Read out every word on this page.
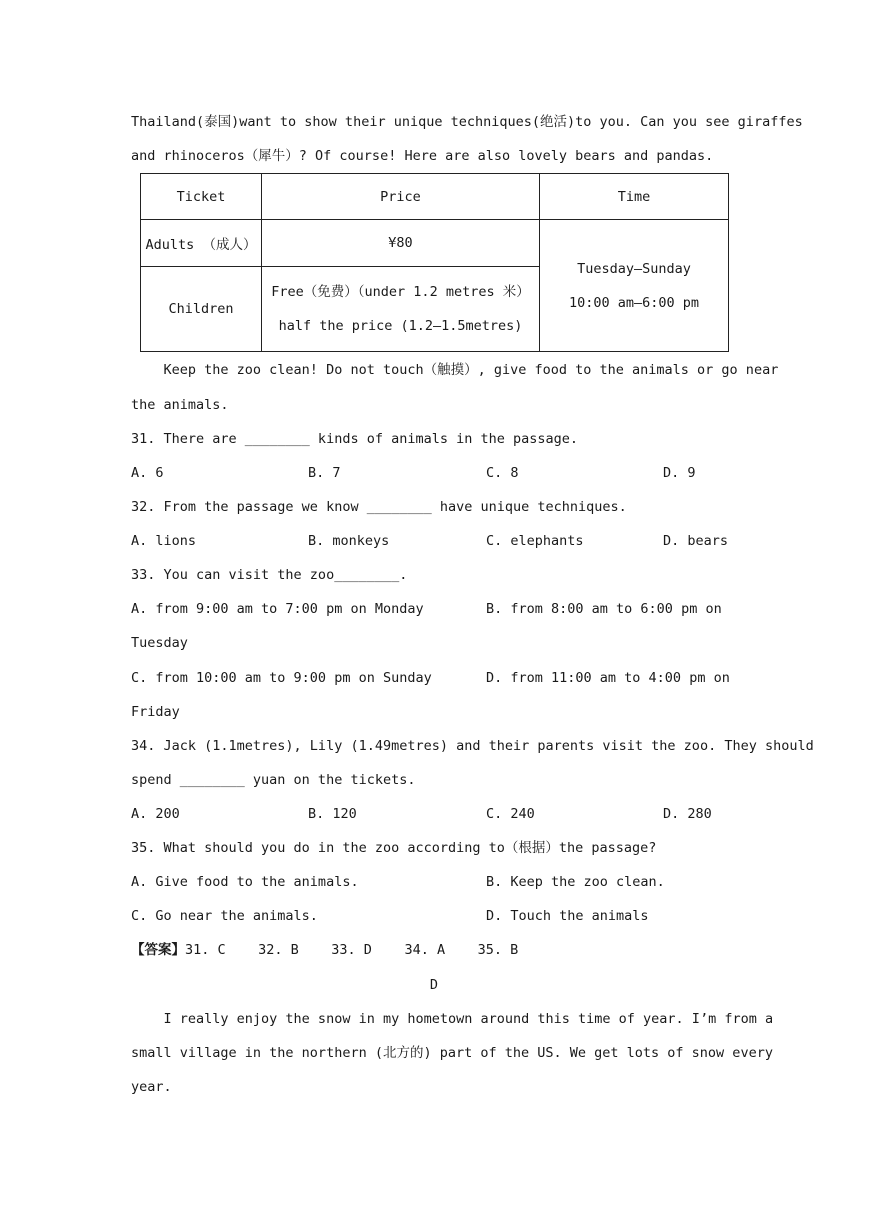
Thailand(泰国)want to show their unique techniques(绝活)to you. Can you see giraffes
and rhinoceros（犀牛）? Of course! Here are also lovely bears and pandas.
Ticket	Price	Time
Adults （成人）	¥80	Tuesday—Sunday
10:00 am—6:00 pm

Children	Free（免费）（under 1.2 metres 米）
half the price (1.2—1.5metres)	
Keep the zoo clean! Do not touch（触摸）, give food to the animals or go near
the animals.
31. There are ________ kinds of animals in the passage.
A. 6	B. 7	C. 8	D. 9
32. From the passage we know ________ have unique techniques.
A. lions	B. monkeys	C. elephants	D. bears
33. You can visit the zoo________.
A. from 9:00 am to 7:00 pm on Monday	B. from 8:00 am to 6:00 pm on
Tuesday
C. from 10:00 am to 9:00 pm on Sunday	D. from 11:00 am to 4:00 pm on
Friday
34. Jack (1.1metres), Lily (1.49metres) and their parents visit the zoo. They should
spend ________ yuan on the tickets.
A. 200	B. 120	C. 240	D. 280
35. What should you do in the zoo according to（根据）the passage?
A. Give food to the animals.	B. Keep the zoo clean.
C. Go near the animals.	D. Touch the animals
【答案】31. C    32. B    33. D    34. A    35. B
D
I really enjoy the snow in my hometown around this time of year. I’m from a
small village in the northern (北方的) part of the US. We get lots of snow every
year.
